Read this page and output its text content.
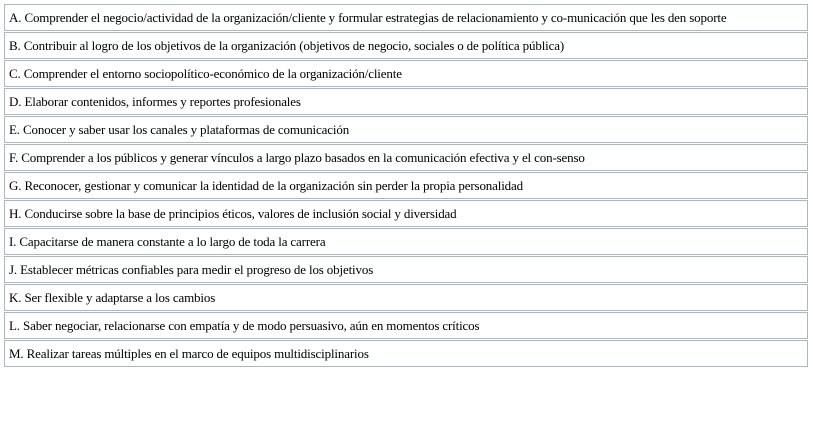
A. Comprender el negocio/actividad de la organización/cliente y formular estrategias de relacionamiento y co-municación que les den soporte
B. Contribuir al logro de los objetivos de la organización (objetivos de negocio, sociales o de política pública)
C. Comprender el entorno sociopolítico-económico de la organización/cliente
D. Elaborar contenidos, informes y reportes profesionales
E. Conocer y saber usar los canales y plataformas de comunicación
F. Comprender a los públicos y generar vínculos a largo plazo basados en la comunicación efectiva y el con-senso
G. Reconocer, gestionar y comunicar la identidad de la organización sin perder la propia personalidad
H. Conducirse sobre la base de principios éticos, valores de inclusión social y diversidad
I. Capacitarse de manera constante a lo largo de toda la carrera
J. Establecer métricas confiables para medir el progreso de los objetivos
K. Ser flexible y adaptarse a los cambios
L. Saber negociar, relacionarse con empatía y de modo persuasivo, aún en momentos críticos
M. Realizar tareas múltiples en el marco de equipos multidisciplinarios
